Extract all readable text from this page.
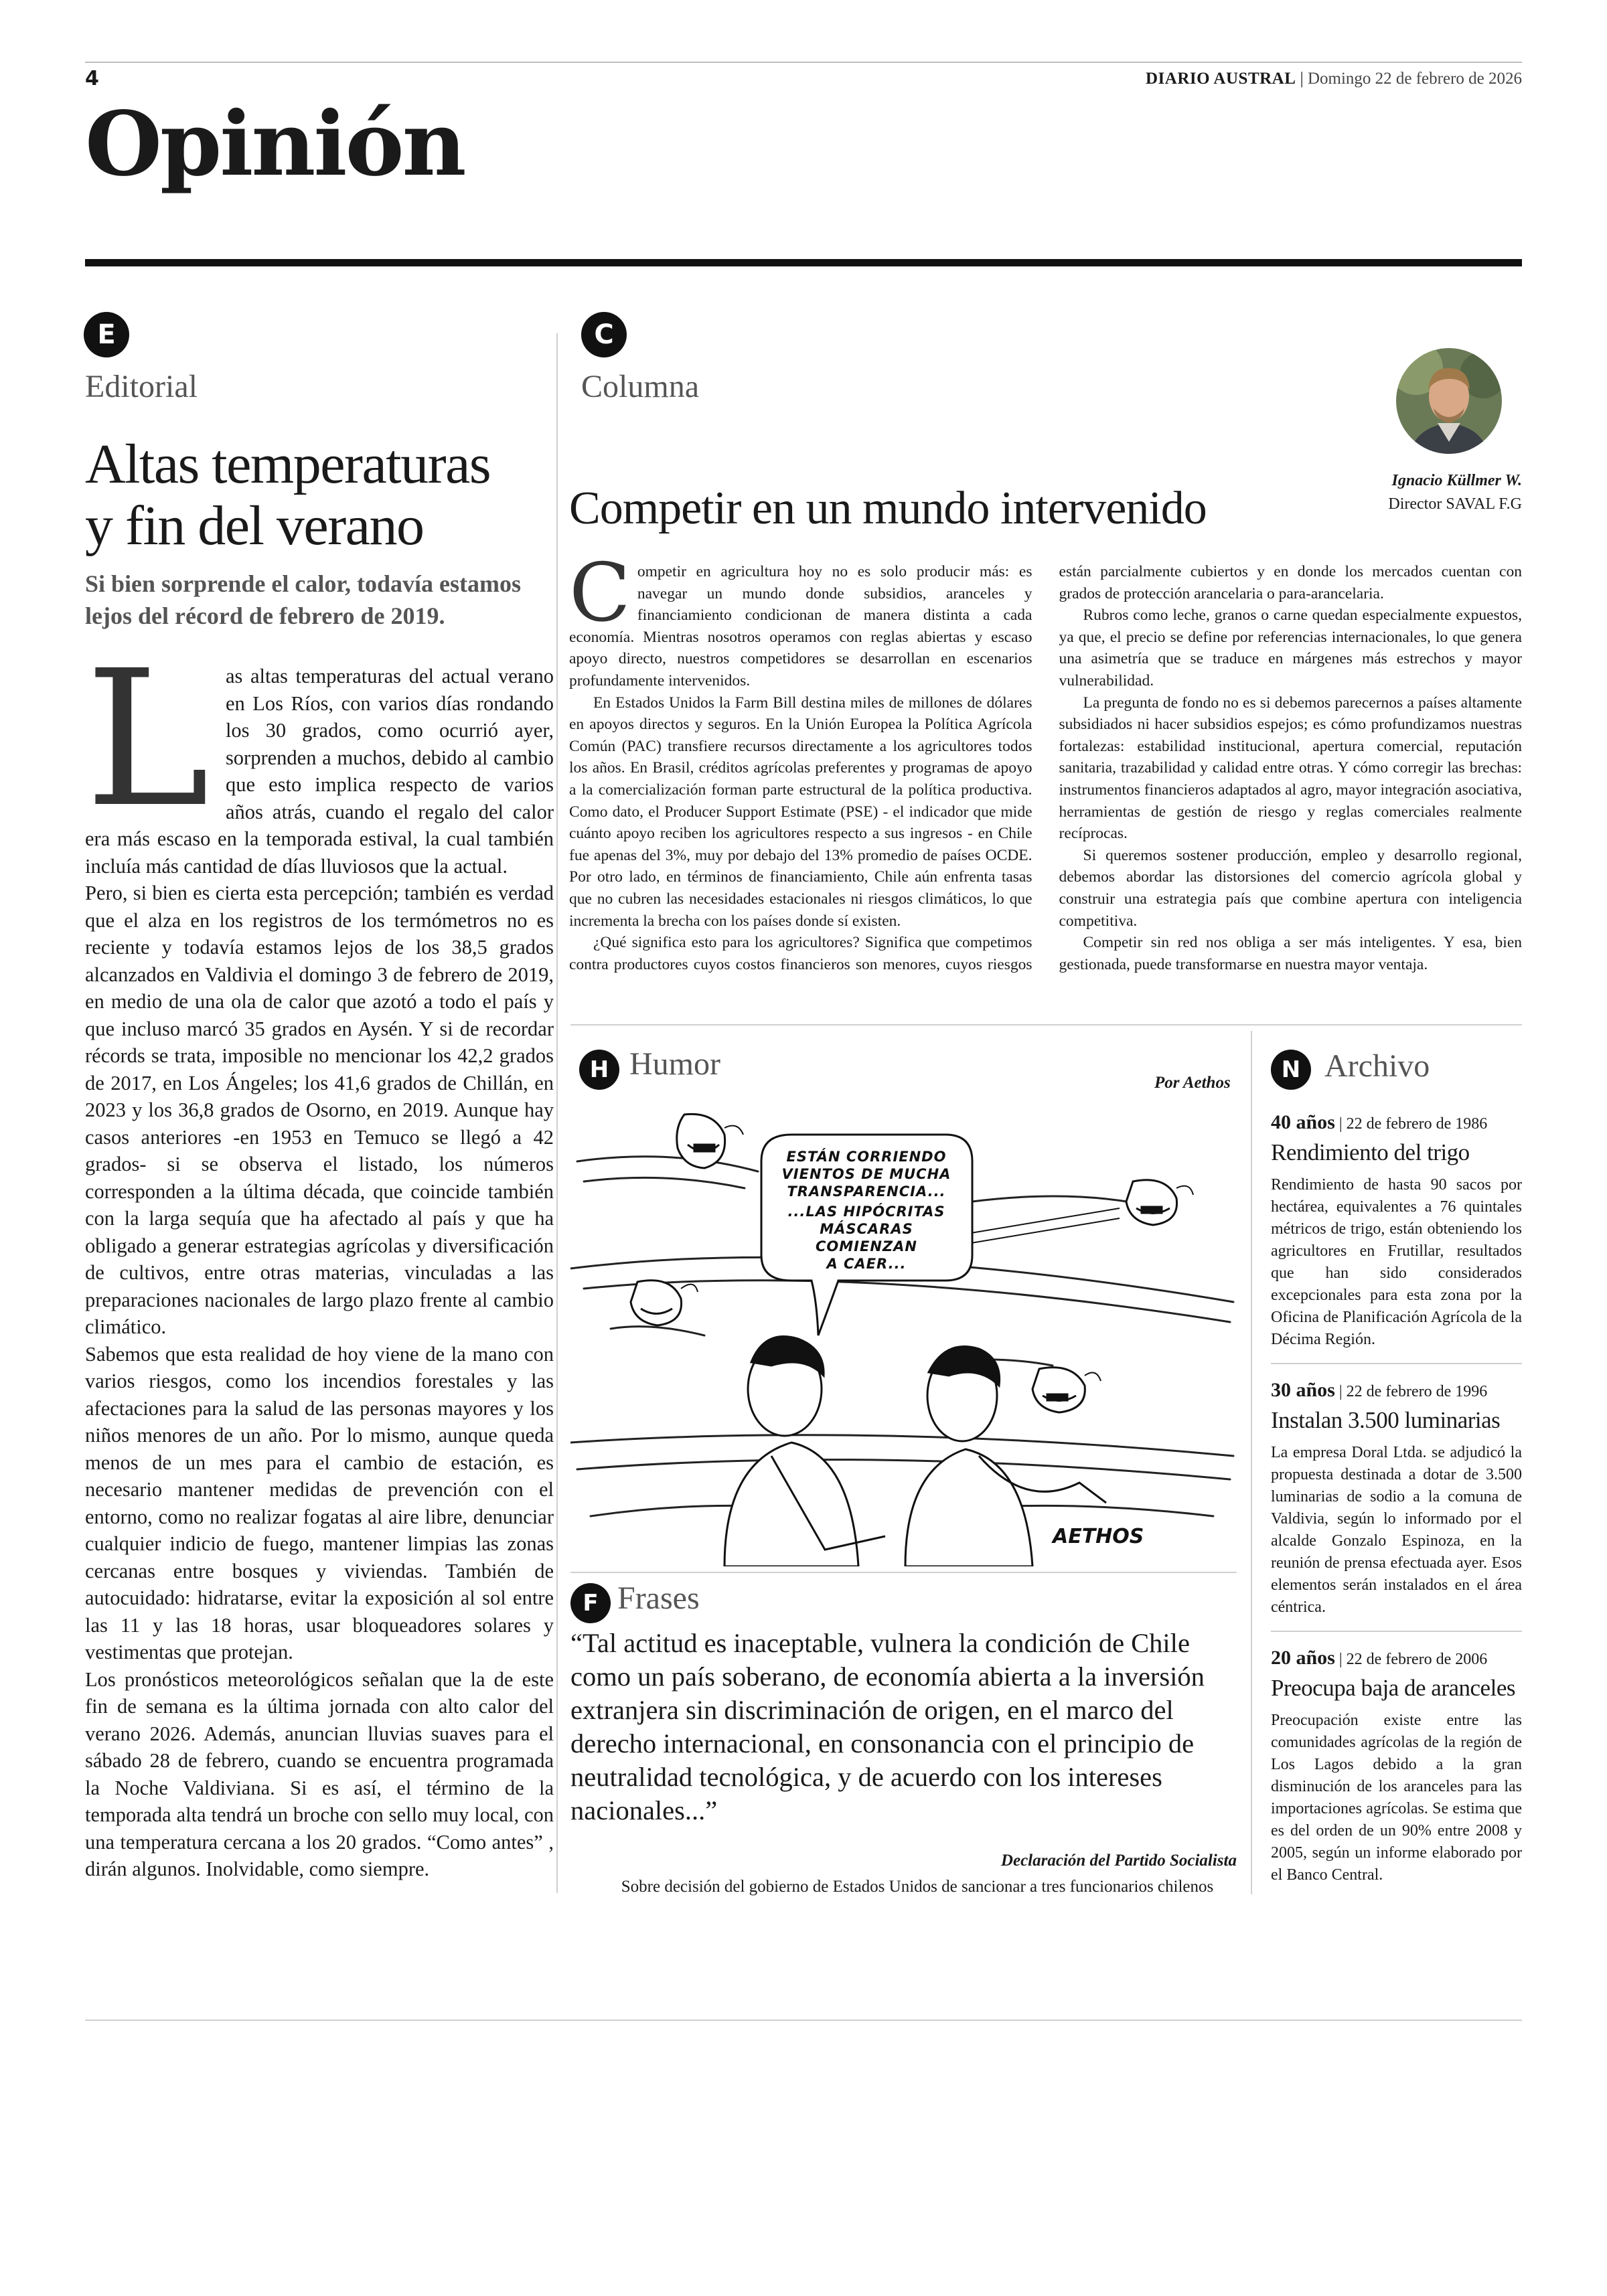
4	DIARIO AUSTRAL | Domingo 22 de febrero de 2026
Opinión
E
Editorial
Altas temperaturas
y fin del verano
Si bien sorprende el calor, todavía estamos lejos del récord de febrero de 2019.

Las altas temperaturas del actual verano en Los Ríos, con varios días rondando los 30 grados, como ocurrió ayer, sorprenden a muchos, debido al cambio que esto implica respecto de varios años atrás, cuando el regalo del calor era más escaso en la temporada estival, la cual también incluía más cantidad de días lluviosos que la actual.

Pero, si bien es cierta esta percepción; también es verdad que el alza en los registros de los termómetros no es reciente y todavía estamos lejos de los 38,5 grados alcanzados en Valdivia el domingo 3 de febrero de 2019, en medio de una ola de calor que azotó a todo el país y que incluso marcó 35 grados en Aysén. Y si de recordar récords se trata, imposible no mencionar los 42,2 grados de 2017, en Los Ángeles; los 41,6 grados de Chillán, en 2023 y los 36,8 grados de Osorno, en 2019. Aunque hay casos anteriores -en 1953 en Temuco se llegó a 42 grados- si se observa el listado, los números corresponden a la última década, que coincide también con la larga sequía que ha afectado al país y que ha obligado a generar estrategias agrícolas y diversificación de cultivos, entre otras materias, vinculadas a las preparaciones nacionales de largo plazo frente al cambio climático.

Sabemos que esta realidad de hoy viene de la mano con varios riesgos, como los incendios forestales y las afectaciones para la salud de las personas mayores y los niños menores de un año. Por lo mismo, aunque queda menos de un mes para el cambio de estación, es necesario mantener medidas de prevención con el entorno, como no realizar fogatas al aire libre, denunciar cualquier indicio de fuego, mantener limpias las zonas cercanas entre bosques y viviendas. También de autocuidado: hidratarse, evitar la exposición al sol entre las 11 y las 18 horas, usar bloqueadores solares y vestimentas que protejan.

Los pronósticos meteorológicos señalan que la de este fin de semana es la última jornada con alto calor del verano 2026. Además, anuncian lluvias suaves para el sábado 28 de febrero, cuando se encuentra programada la Noche Valdiviana. Si es así, el término de la temporada alta tendrá un broche con sello muy local, con una temperatura cercana a los 20 grados. “Como antes” , dirán algunos. Inolvidable, como siempre.

C
Columna
Competir en un mundo intervenido
Ignacio Küllmer W.
Director SAVAL F.G

Competir en agricultura hoy no es solo producir más: es navegar un mundo donde subsidios, aranceles y financiamiento condicionan de manera distinta a cada economía. Mientras nosotros operamos con reglas abiertas y escaso apoyo directo, nuestros competidores se desarrollan en escenarios profundamente intervenidos.

En Estados Unidos la Farm Bill destina miles de millones de dólares en apoyos directos y seguros. En la Unión Europea la Política Agrícola Común (PAC) transfiere recursos directamente a los agricultores todos los años. En Brasil, créditos agrícolas preferentes y programas de apoyo a la comercialización forman parte estructural de la política productiva. Como dato, el Producer Support Estimate (PSE) - el indicador que mide cuánto apoyo reciben los agricultores respecto a sus ingresos - en Chile fue apenas del 3%, muy por debajo del 13% promedio de países OCDE. Por otro lado, en términos de financiamiento, Chile aún enfrenta tasas que no cubren las necesidades estacionales ni riesgos climáticos, lo que incrementa la brecha con los países donde sí existen.

¿Qué significa esto para los agricultores? Significa que competimos contra productores cuyos costos financieros son menores, cuyos riesgos están parcialmente cubiertos y en donde los mercados cuentan con grados de protección arancelaria o para-arancelaria.

Rubros como leche, granos o carne quedan especialmente expuestos, ya que, el precio se define por referencias internacionales, lo que genera una asimetría que se traduce en márgenes más estrechos y mayor vulnerabilidad.

La pregunta de fondo no es si debemos parecernos a países altamente subsidiados ni hacer subsidios espejos; es cómo profundizamos nuestras fortalezas: estabilidad institucional, apertura comercial, reputación sanitaria, trazabilidad y calidad entre otras. Y cómo corregir las brechas: instrumentos financieros adaptados al agro, mayor integración asociativa, herramientas de gestión de riesgo y reglas comerciales realmente recíprocas.

Si queremos sostener producción, empleo y desarrollo regional, debemos abordar las distorsiones del comercio agrícola global y construir una estrategia país que combine apertura con inteligencia competitiva.

Competir sin red nos obliga a ser más inteligentes. Y esa, bien gestionada, puede transformarse en nuestra mayor ventaja.

H Humor
Por Aethos
ESTÁN CORRIENDO
VIENTOS DE MUCHA
TRANSPARENCIA...
...LAS HIPÓCRITAS
MÁSCARAS
COMIENZAN
A CAER...
AETHOS
F Frases
“Tal actitud es inaceptable, vulnera la condición de Chile como un país soberano, de economía abierta a la inversión extranjera sin discriminación de origen, en el marco del derecho internacional, en consonancia con el principio de neutralidad tecnológica, y de acuerdo con los intereses nacionales...”
Declaración del Partido Socialista
Sobre decisión del gobierno de Estados Unidos de sancionar a tres funcionarios chilenos
N Archivo
40 años | 22 de febrero de 1986
Rendimiento del trigo
Rendimiento de hasta 90 sacos por hectárea, equivalentes a 76 quintales métricos de trigo, están obteniendo los agricultores en Frutillar, resultados que han sido considerados excepcionales para esta zona por la Oficina de Planificación Agrícola de la Décima Región.
30 años | 22 de febrero de 1996
Instalan 3.500 luminarias
La empresa Doral Ltda. se adjudicó la propuesta destinada a dotar de 3.500 luminarias de sodio a la comuna de Valdivia, según lo informado por el alcalde Gonzalo Espinoza, en la reunión de prensa efectuada ayer. Esos elementos serán instalados en el área céntrica.
20 años | 22 de febrero de 2006
Preocupa baja de aranceles
Preocupación existe entre las comunidades agrícolas de la región de Los Lagos debido a la gran disminución de los aranceles para las importaciones agrícolas. Se estima que es del orden de un 90% entre 2008 y 2005, según un informe elaborado por el Banco Central.
